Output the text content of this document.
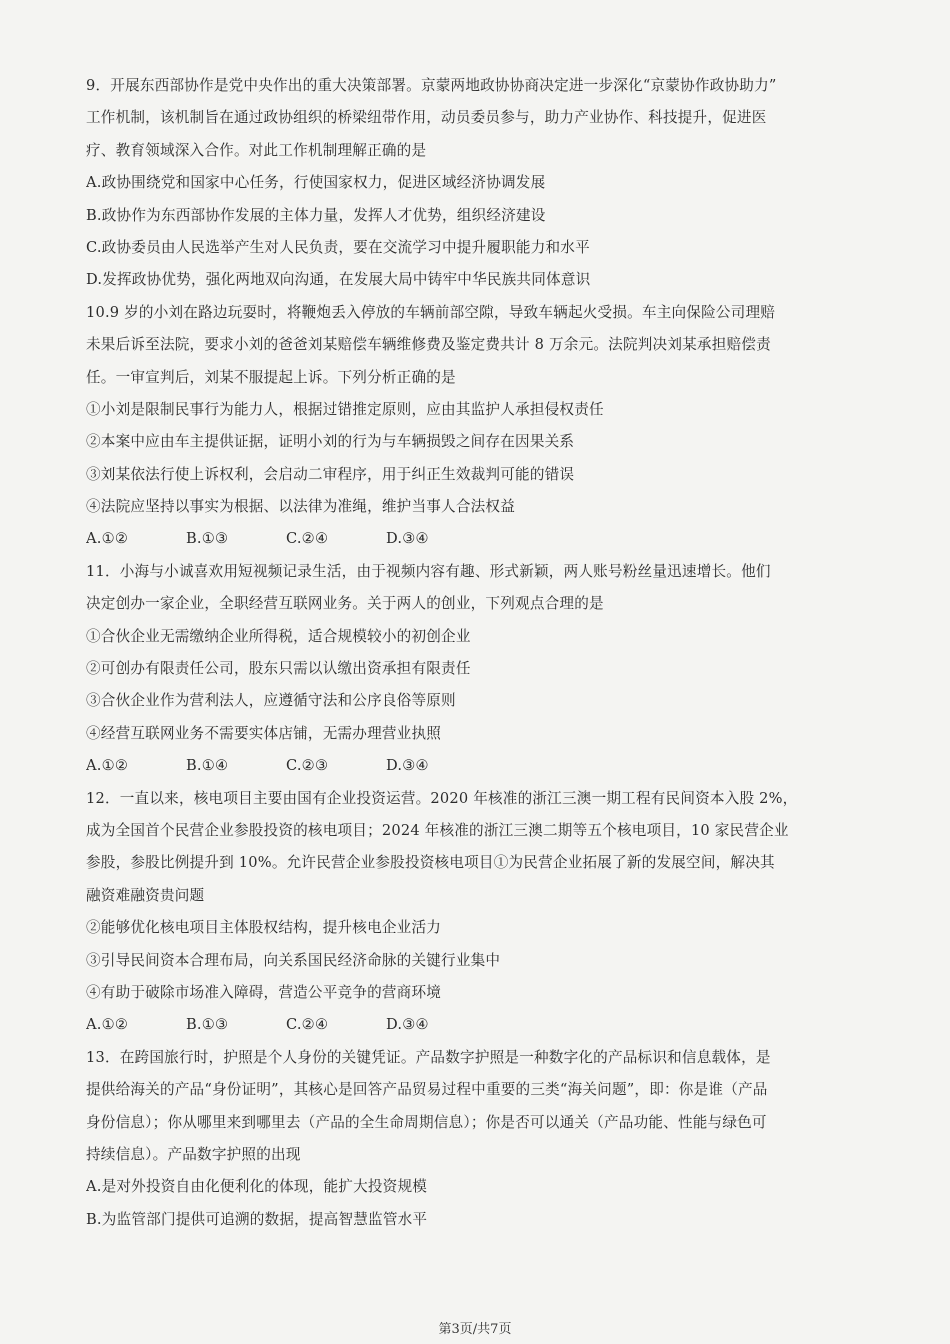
9．开展东西部协作是党中央作出的重大决策部署。京蒙两地政协协商决定进一步深化“京蒙协作政协助力”
工作机制，该机制旨在通过政协组织的桥梁纽带作用，动员委员参与，助力产业协作、科技提升，促进医
疗、教育领域深入合作。对此工作机制理解正确的是
A.政协围绕党和国家中心任务，行使国家权力，促进区域经济协调发展
B.政协作为东西部协作发展的主体力量，发挥人才优势，组织经济建设
C.政协委员由人民选举产生对人民负责，要在交流学习中提升履职能力和水平
D.发挥政协优势，强化两地双向沟通，在发展大局中铸牢中华民族共同体意识
10.9 岁的小刘在路边玩耍时，将鞭炮丢入停放的车辆前部空隙，导致车辆起火受损。车主向保险公司理赔
未果后诉至法院，要求小刘的爸爸刘某赔偿车辆维修费及鉴定费共计 8 万余元。法院判决刘某承担赔偿责
任。一审宣判后，刘某不服提起上诉。下列分析正确的是
①小刘是限制民事行为能力人，根据过错推定原则，应由其监护人承担侵权责任
②本案中应由车主提供证据，证明小刘的行为与车辆损毁之间存在因果关系
③刘某依法行使上诉权利，会启动二审程序，用于纠正生效裁判可能的错误
④法院应坚持以事实为根据、以法律为准绳，维护当事人合法权益
A.①②	B.①③	C.②④	D.③④
11．小海与小诚喜欢用短视频记录生活，由于视频内容有趣、形式新颖，两人账号粉丝量迅速增长。他们
决定创办一家企业，全职经营互联网业务。关于两人的创业，下列观点合理的是
①合伙企业无需缴纳企业所得税，适合规模较小的初创企业
②可创办有限责任公司，股东只需以认缴出资承担有限责任
③合伙企业作为营利法人，应遵循守法和公序良俗等原则
④经营互联网业务不需要实体店铺，无需办理营业执照
A.①②	B.①④	C.②③	D.③④
12．一直以来，核电项目主要由国有企业投资运营。2020 年核准的浙江三澳一期工程有民间资本入股 2%，
成为全国首个民营企业参股投资的核电项目；2024 年核准的浙江三澳二期等五个核电项目，10 家民营企业
参股，参股比例提升到 10%。允许民营企业参股投资核电项目①为民营企业拓展了新的发展空间，解决其
融资难融资贵问题
②能够优化核电项目主体股权结构，提升核电企业活力
③引导民间资本合理布局，向关系国民经济命脉的关键行业集中
④有助于破除市场准入障碍，营造公平竞争的营商环境
A.①②	B.①③	C.②④	D.③④
13．在跨国旅行时，护照是个人身份的关键凭证。产品数字护照是一种数字化的产品标识和信息载体，是
提供给海关的产品“身份证明”，其核心是回答产品贸易过程中重要的三类“海关问题”，即：你是谁（产品
身份信息）；你从哪里来到哪里去（产品的全生命周期信息）；你是否可以通关（产品功能、性能与绿色可
持续信息）。产品数字护照的出现
A.是对外投资自由化便利化的体现，能扩大投资规模
B.为监管部门提供可追溯的数据，提高智慧监管水平
第3页/共7页
